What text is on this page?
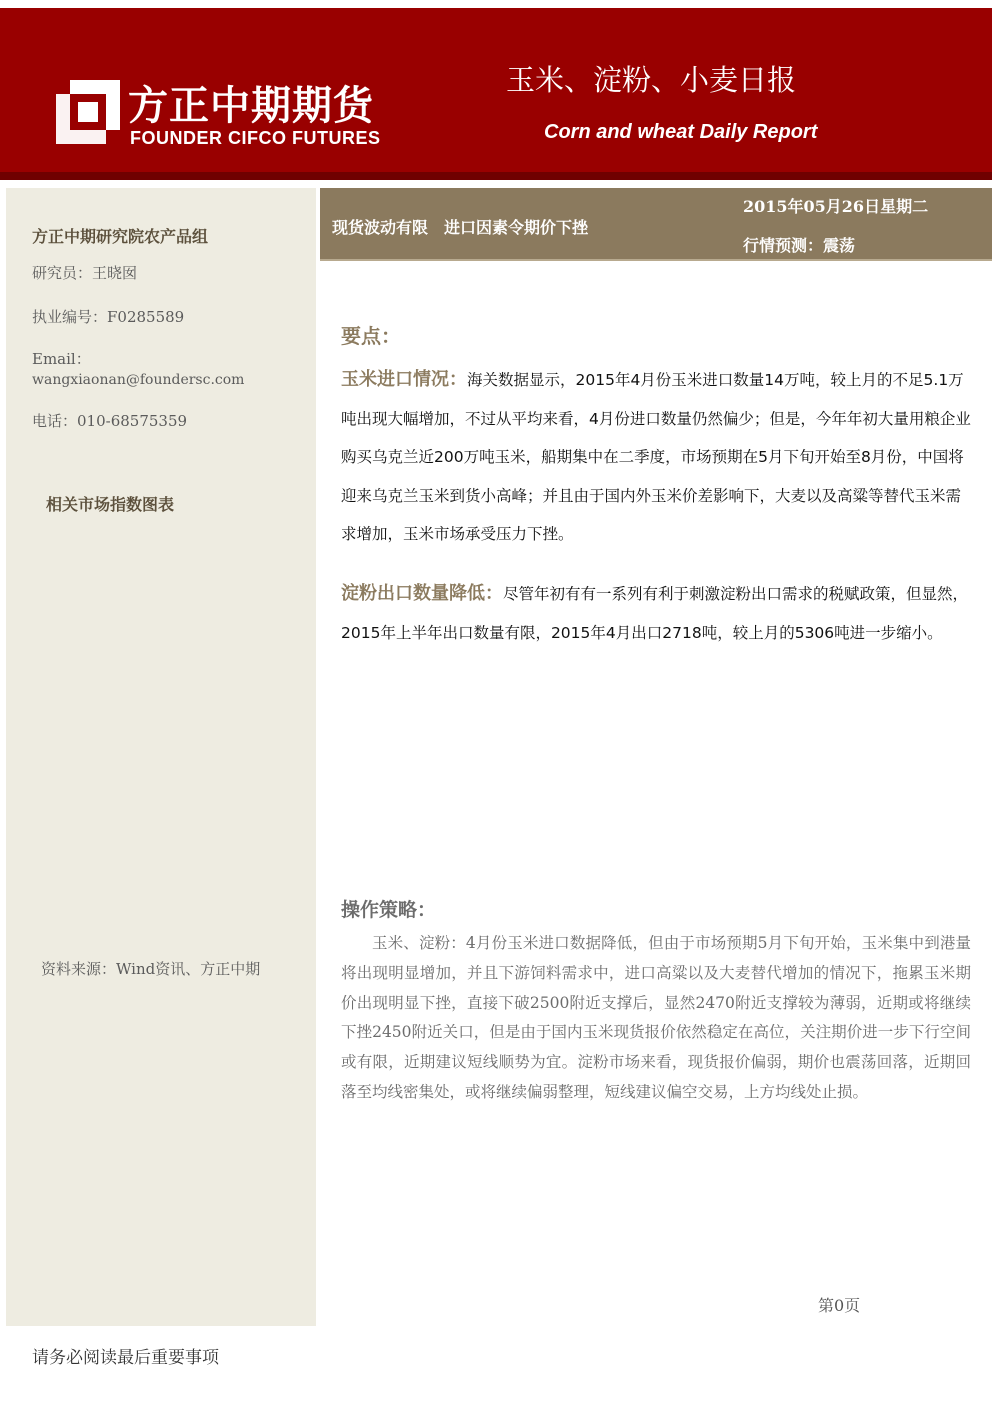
方正中期期货
FOUNDER CIFCO FUTURES
玉米、淀粉、小麦日报
Corn and wheat Daily Report
方正中期研究院农产品组
研究员：王晓囡
执业编号：F0285589
Email：
wangxiaonan@foundersc.com
电话：010-68575359
相关市场指数图表
资料来源：Wind资讯、方正中期
现货波动有限　进口因素令期价下挫
2015年05月26日星期二
行情预测：震荡
要点：

玉米进口情况：海关数据显示，2015年4月份玉米进口数量14万吨，较上月的不足5.1万吨出现大幅增加，不过从平均来看，4月份进口数量仍然偏少；但是，今年年初大量用粮企业购买乌克兰近200万吨玉米，船期集中在二季度，市场预期在5月下旬开始至8月份，中国将迎来乌克兰玉米到货小高峰；并且由于国内外玉米价差影响下，大麦以及高粱等替代玉米需求增加，玉米市场承受压力下挫。

淀粉出口数量降低：尽管年初有有一系列有利于刺激淀粉出口需求的税赋政策，但显然，2015年上半年出口数量有限，2015年4月出口2718吨，较上月的5306吨进一步缩小。

操作策略：

玉米、淀粉：4月份玉米进口数据降低，但由于市场预期5月下旬开始，玉米集中到港量将出现明显增加，并且下游饲料需求中，进口高粱以及大麦替代增加的情况下，拖累玉米期价出现明显下挫，直接下破2500附近支撑后，显然2470附近支撑较为薄弱，近期或将继续下挫2450附近关口，但是由于国内玉米现货报价依然稳定在高位，关注期价进一步下行空间或有限，近期建议短线顺势为宜。淀粉市场来看，现货报价偏弱，期价也震荡回落，近期回落至均线密集处，或将继续偏弱整理，短线建议偏空交易，上方均线处止损。

第0页
请务必阅读最后重要事项
